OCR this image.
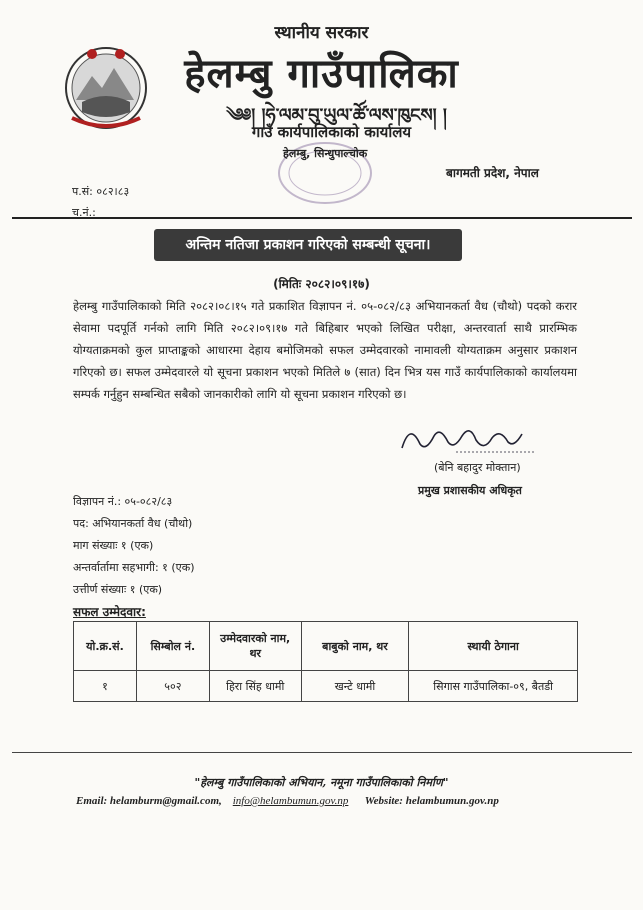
स्थानीय सरकार
हेलम्बु गाउँपालिका
༄༅། །ཧེ་ལམ་བུ་ཡུལ་ཚོ་ལས་ཁུངས། །
गाउँ कार्यपालिकाको कार्यालय
हेलम्बु, सिन्धुपाल्चोक
बागमती प्रदेश, नेपाल
प.सं: ०८२।८३
च.नं.:
अन्तिम नतिजा प्रकाशन गरिएको सम्बन्धी सूचना।
(मितिः २०८२।०९।१७)
हेलम्बु गाउँपालिकाको मिति २०८२।०८।१५ गते प्रकाशित विज्ञापन नं. ०५-०८२/८३ अभियानकर्ता वैध (चौथो) पदको करार सेवामा पदपूर्ति गर्नको लागि मिति २०८२।०९।१७ गते बिहिबार भएको लिखित परीक्षा, अन्तरवार्ता साथै प्रारम्भिक योग्यताक्रमको कुल प्राप्ताङ्कको आधारमा देहाय बमोजिमको सफल उम्मेदवारको नामावली योग्यताक्रम अनुसार प्रकाशन गरिएको छ। सफल उम्मेदवारले यो सूचना प्रकाशन भएको मितिले ७ (सात) दिन भित्र यस गाउँ कार्यपालिकाको कार्यालयमा सम्पर्क गर्नुहुन सम्बन्धित सबैको जानकारीको लागि यो सूचना प्रकाशन गरिएको छ।
(बेनि बहादुर मोक्तान)
प्रमुख प्रशासकीय अधिकृत
विज्ञापन नं.: ०५-०८२/८३
पद: अभियानकर्ता वैध (चौथो)
माग संख्याः १ (एक)
अन्तर्वार्तामा सहभागी: १ (एक)
उत्तीर्ण संख्याः १ (एक)
सफल उम्मेदवार:
यो.क्र.सं.	सिम्बोल नं.	उम्मेदवारको नाम, थर	बाबुको नाम, थर	स्थायी ठेगाना
१	५०२	हिरा सिंह धामी	खन्टे धामी	सिगास गाउँपालिका-०९, बैतडी
"हेलम्बु गाउँपालिकाको अभियान, नमूना गाउँपालिकाको निर्माण"
Email: helamburm@gmail.com, info@helambumun.gov.np Website: helambumun.gov.np
